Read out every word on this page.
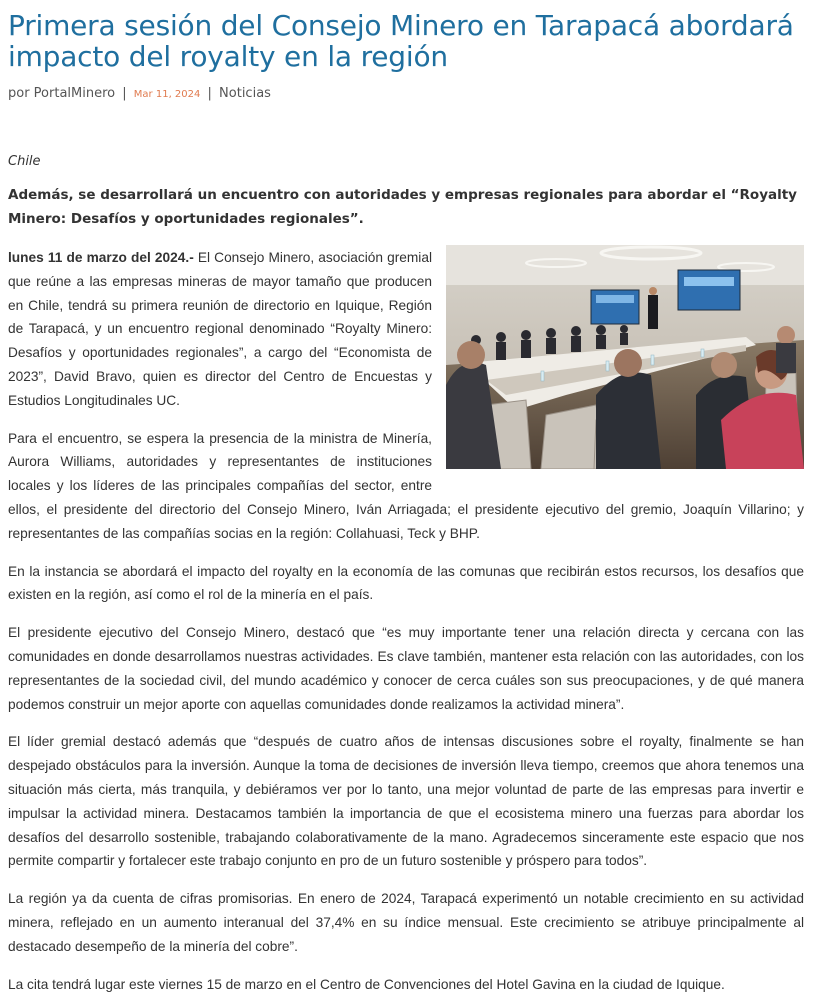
Primera sesión del Consejo Minero en Tarapacá abordará impacto del royalty en la región
por PortalMinero | Mar 11, 2024 | Noticias
Chile
Además, se desarrollará un encuentro con autoridades y empresas regionales para abordar el “Royalty Minero: Desafíos y oportunidades regionales”.

lunes 11 de marzo del 2024.- El Consejo Minero, asociación gremial que reúne a las empresas mineras de mayor tamaño que producen en Chile, tendrá su primera reunión de directorio en Iquique, Región de Tarapacá, y un encuentro regional denominado “Royalty Minero: Desafíos y oportunidades regionales”, a cargo del “Economista de 2023”, David Bravo, quien es director del Centro de Encuestas y Estudios Longitudinales UC.

Para el encuentro, se espera la presencia de la ministra de Minería, Aurora Williams, autoridades y representantes de instituciones locales y los líderes de las principales compañías del sector, entre ellos, el presidente del directorio del Consejo Minero, Iván Arriagada; el presidente ejecutivo del gremio, Joaquín Villarino; y representantes de las compañías socias en la región: Collahuasi, Teck y BHP.

En la instancia se abordará el impacto del royalty en la economía de las comunas que recibirán estos recursos, los desafíos que existen en la región, así como el rol de la minería en el país.

El presidente ejecutivo del Consejo Minero, destacó que “es muy importante tener una relación directa y cercana con las comunidades en donde desarrollamos nuestras actividades. Es clave también, mantener esta relación con las autoridades, con los representantes de la sociedad civil, del mundo académico y conocer de cerca cuáles son sus preocupaciones, y de qué manera podemos construir un mejor aporte con aquellas comunidades donde realizamos la actividad minera”.

El líder gremial destacó además que “después de cuatro años de intensas discusiones sobre el royalty, finalmente se han despejado obstáculos para la inversión. Aunque la toma de decisiones de inversión lleva tiempo, creemos que ahora tenemos una situación más cierta, más tranquila, y debiéramos ver por lo tanto, una mejor voluntad de parte de las empresas para invertir e impulsar la actividad minera. Destacamos también la importancia de que el ecosistema minero una fuerzas para abordar los desafíos del desarrollo sostenible, trabajando colaborativamente de la mano. Agradecemos sinceramente este espacio que nos permite compartir y fortalecer este trabajo conjunto en pro de un futuro sostenible y próspero para todos”.

La región ya da cuenta de cifras promisorias. En enero de 2024, Tarapacá experimentó un notable crecimiento en su actividad minera, reflejado en un aumento interanual del 37,4% en su índice mensual. Este crecimiento se atribuye principalmente al destacado desempeño de la minería del cobre”.

La cita tendrá lugar este viernes 15 de marzo en el Centro de Convenciones del Hotel Gavina en la ciudad de Iquique.
